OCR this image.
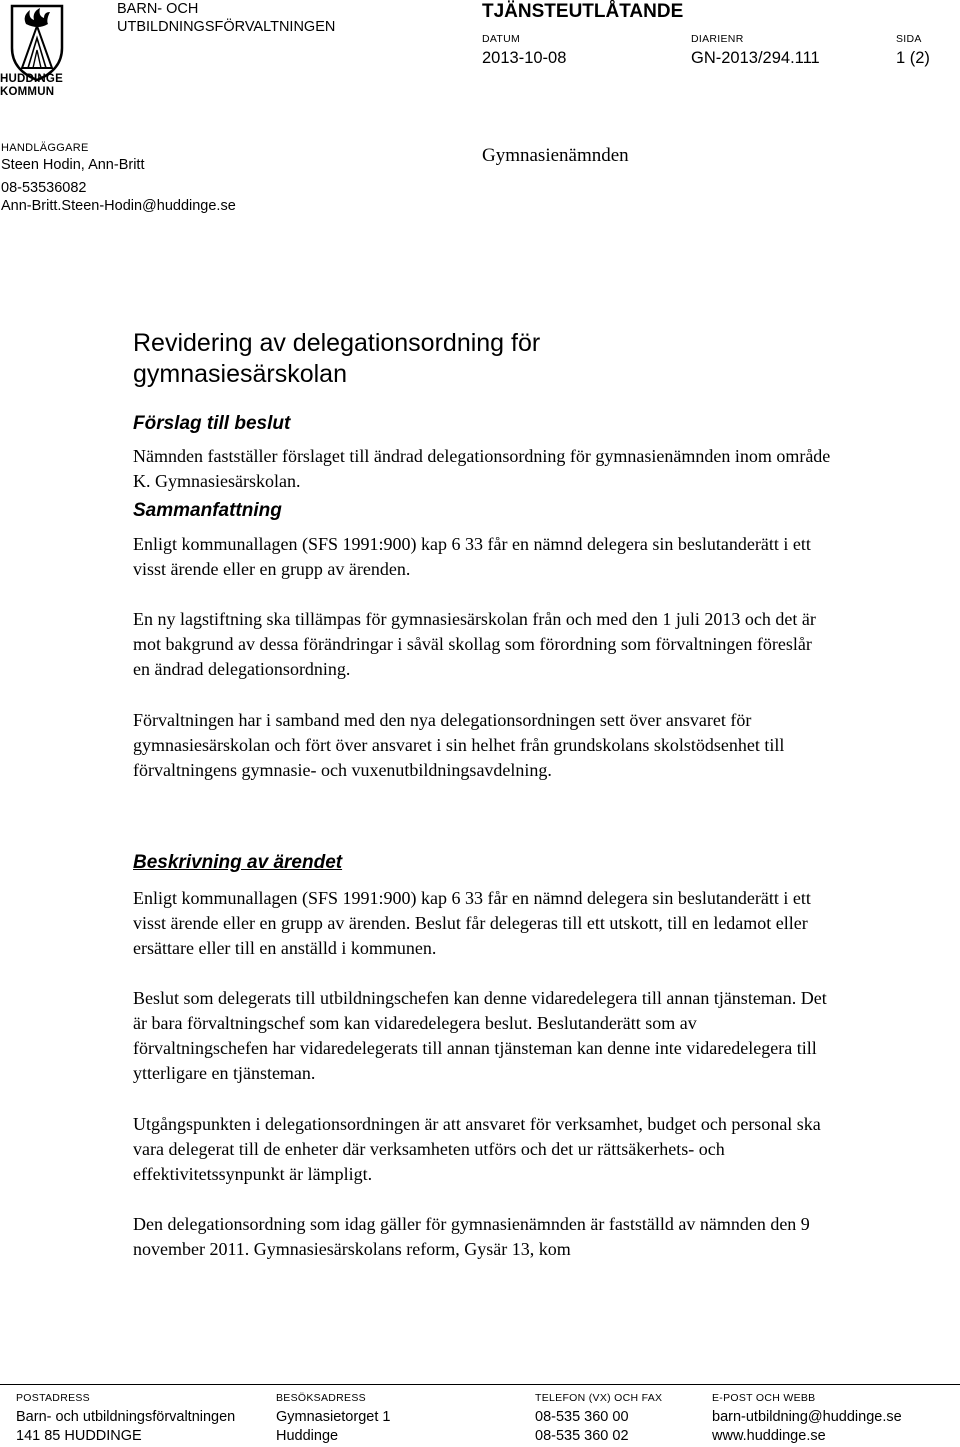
HUDDINGE
KOMMUN
BARN- OCH
UTBILDNINGSFÖRVALTNINGEN
TJÄNSTEUTLÅTANDE
DATUM
2013-10-08
DIARIENR
GN-2013/294.111
SIDA
1 (2)
HANDLÄGGARE
Steen Hodin, Ann-Britt
08-53536082
Ann-Britt.Steen-Hodin@huddinge.se
Gymnasienämnden
Revidering av delegationsordning för
gymnasiesärskolan
Förslag till beslut

Nämnden fastställer förslaget till ändrad delegationsordning för gymnasienämnden inom område K. Gymnasiesärskolan.

Sammanfattning

Enligt kommunallagen (SFS 1991:900) kap 6 33 får en nämnd delegera sin beslutanderätt i ett visst ärende eller en grupp av ärenden.

En ny lagstiftning ska tillämpas för gymnasiesärskolan från och med den 1 juli 2013 och det är mot bakgrund av dessa förändringar i såväl skollag som förordning som förvaltningen föreslår en ändrad delegationsordning.

Förvaltningen har i samband med den nya delegationsordningen sett över ansvaret för gymnasiesärskolan och fört över ansvaret i sin helhet från grundskolans skolstödsenhet till förvaltningens gymnasie- och vuxenutbildningsavdelning.

Beskrivning av ärendet

Enligt kommunallagen (SFS 1991:900) kap 6 33 får en nämnd delegera sin beslutanderätt i ett visst ärende eller en grupp av ärenden. Beslut får delegeras till ett utskott, till en ledamot eller ersättare eller till en anställd i kommunen.

Beslut som delegerats till utbildningschefen kan denne vidaredelegera till annan tjänsteman. Det är bara förvaltningschef som kan vidaredelegera beslut. Beslutanderätt som av förvaltningschefen har vidaredelegerats till annan tjänsteman kan denne inte vidaredelegera till ytterligare en tjänsteman.

Utgångspunkten i delegationsordningen är att ansvaret för verksamhet, budget och personal ska vara delegerat till de enheter där verksamheten utförs och det ur rättsäkerhets- och effektivitetssynpunkt är lämpligt.

Den delegationsordning som idag gäller för gymnasienämnden är fastställd av nämnden den 9 november 2011. Gymnasiesärskolans reform, Gysär 13, kom

POSTADRESS
Barn- och utbildningsförvaltningen
141 85 HUDDINGE
BESÖKSADRESS
Gymnasietorget 1
Huddinge
TELEFON (VX) OCH FAX
08-535 360 00
08-535 360 02
E-POST OCH WEBB
barn-utbildning@huddinge.se
www.huddinge.se
